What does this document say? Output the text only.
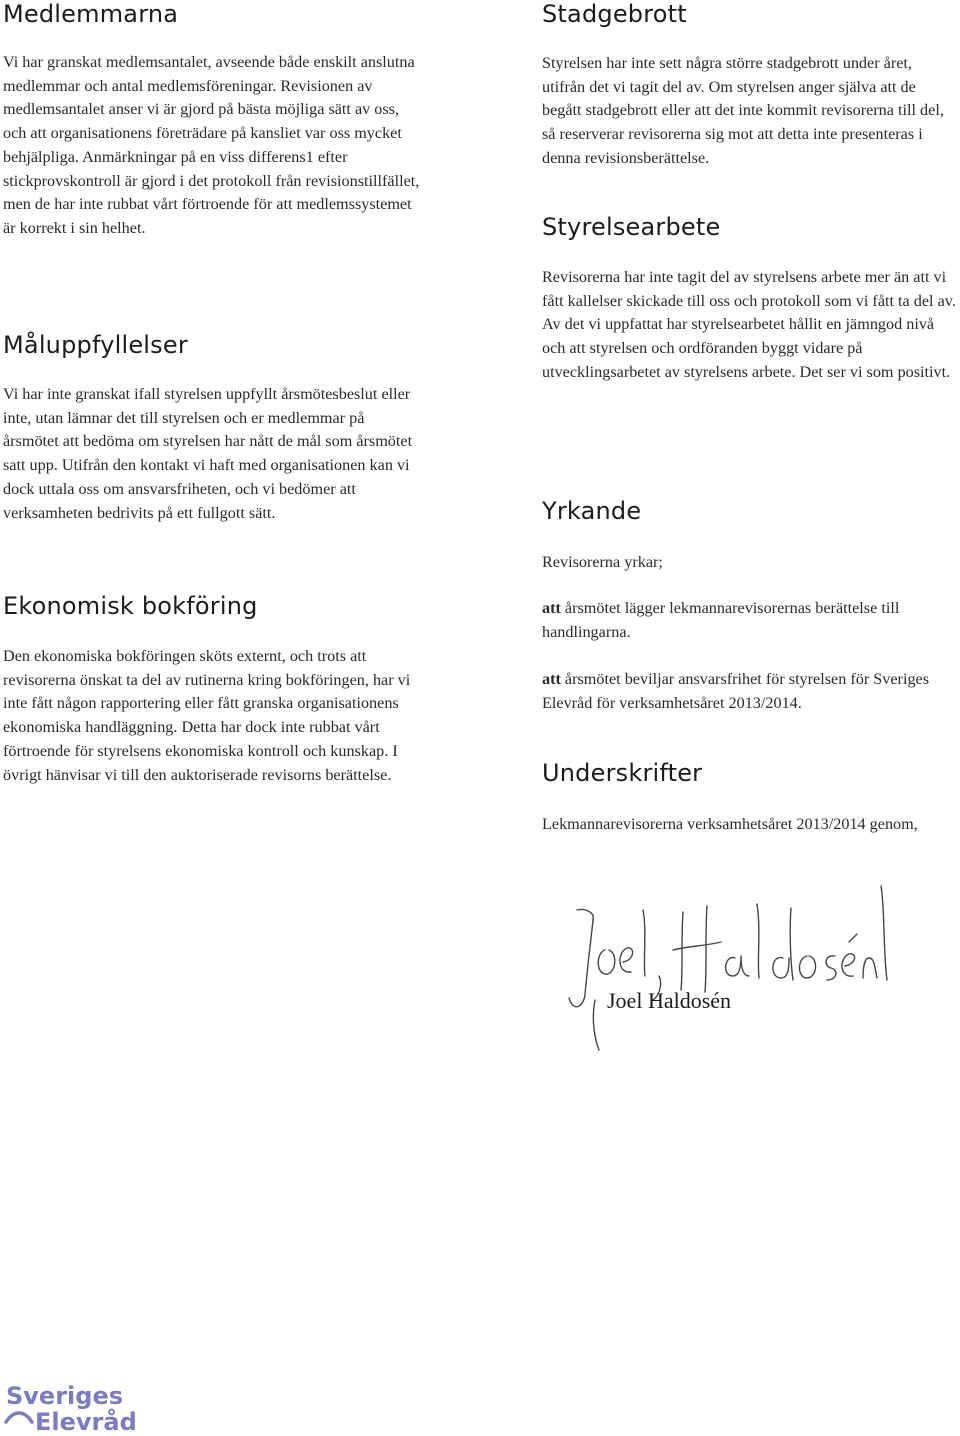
Medlemmarna

Vi har granskat medlemsantalet, avseende både enskilt anslutna medlemmar och antal medlemsföreningar. Revisionen av medlemsantalet anser vi är gjord på bästa möjliga sätt av oss, och att organisationens företrädare på kansliet var oss mycket behjälpliga. Anmärkningar på en viss differens1 efter stickprovskontroll är gjord i det protokoll från revisionstillfället, men de har inte rubbat vårt förtroende för att medlemssystemet är korrekt i sin helhet.

Måluppfyllelser

Vi har inte granskat ifall styrelsen uppfyllt årsmötesbeslut eller inte, utan lämnar det till styrelsen och er medlemmar på årsmötet att bedöma om styrelsen har nått de mål som årsmötet satt upp. Utifrån den kontakt vi haft med organisationen kan vi dock uttala oss om ansvarsfriheten, och vi bedömer att verksamheten bedrivits på ett fullgott sätt.

Ekonomisk bokföring

Den ekonomiska bokföringen sköts externt, och trots att revisorerna önskat ta del av rutinerna kring bokföringen, har vi inte fått någon rapportering eller fått granska organisationens ekonomiska handläggning. Detta har dock inte rubbat vårt förtroende för styrelsens ekonomiska kontroll och kunskap. I övrigt hänvisar vi till den auktoriserade revisorns berättelse.

Stadgebrott

Styrelsen har inte sett några större stadgebrott under året, utifrån det vi tagit del av. Om styrelsen anger själva att de begått stadgebrott eller att det inte kommit revisorerna till del, så reserverar revisorerna sig mot att detta inte presenteras i denna revisionsberättelse.

Styrelsearbete

Revisorerna har inte tagit del av styrelsens arbete mer än att vi fått kallelser skickade till oss och protokoll som vi fått ta del av. Av det vi uppfattat har styrelsearbetet hållit en jämngod nivå och att styrelsen och ordföranden byggt vidare på utvecklingsarbetet av styrelsens arbete. Det ser vi som positivt.

Yrkande

Revisorerna yrkar;

att årsmötet lägger lekmannarevisorernas berättelse till handlingarna.

att årsmötet beviljar ansvarsfrihet för styrelsen för Sveriges Elevråd för verksamhetsåret 2013/2014.

Underskrifter

Lekmannarevisorerna verksamhetsåret 2013/2014 genom,

Joel Haldosén
Sveriges
Elevråd
